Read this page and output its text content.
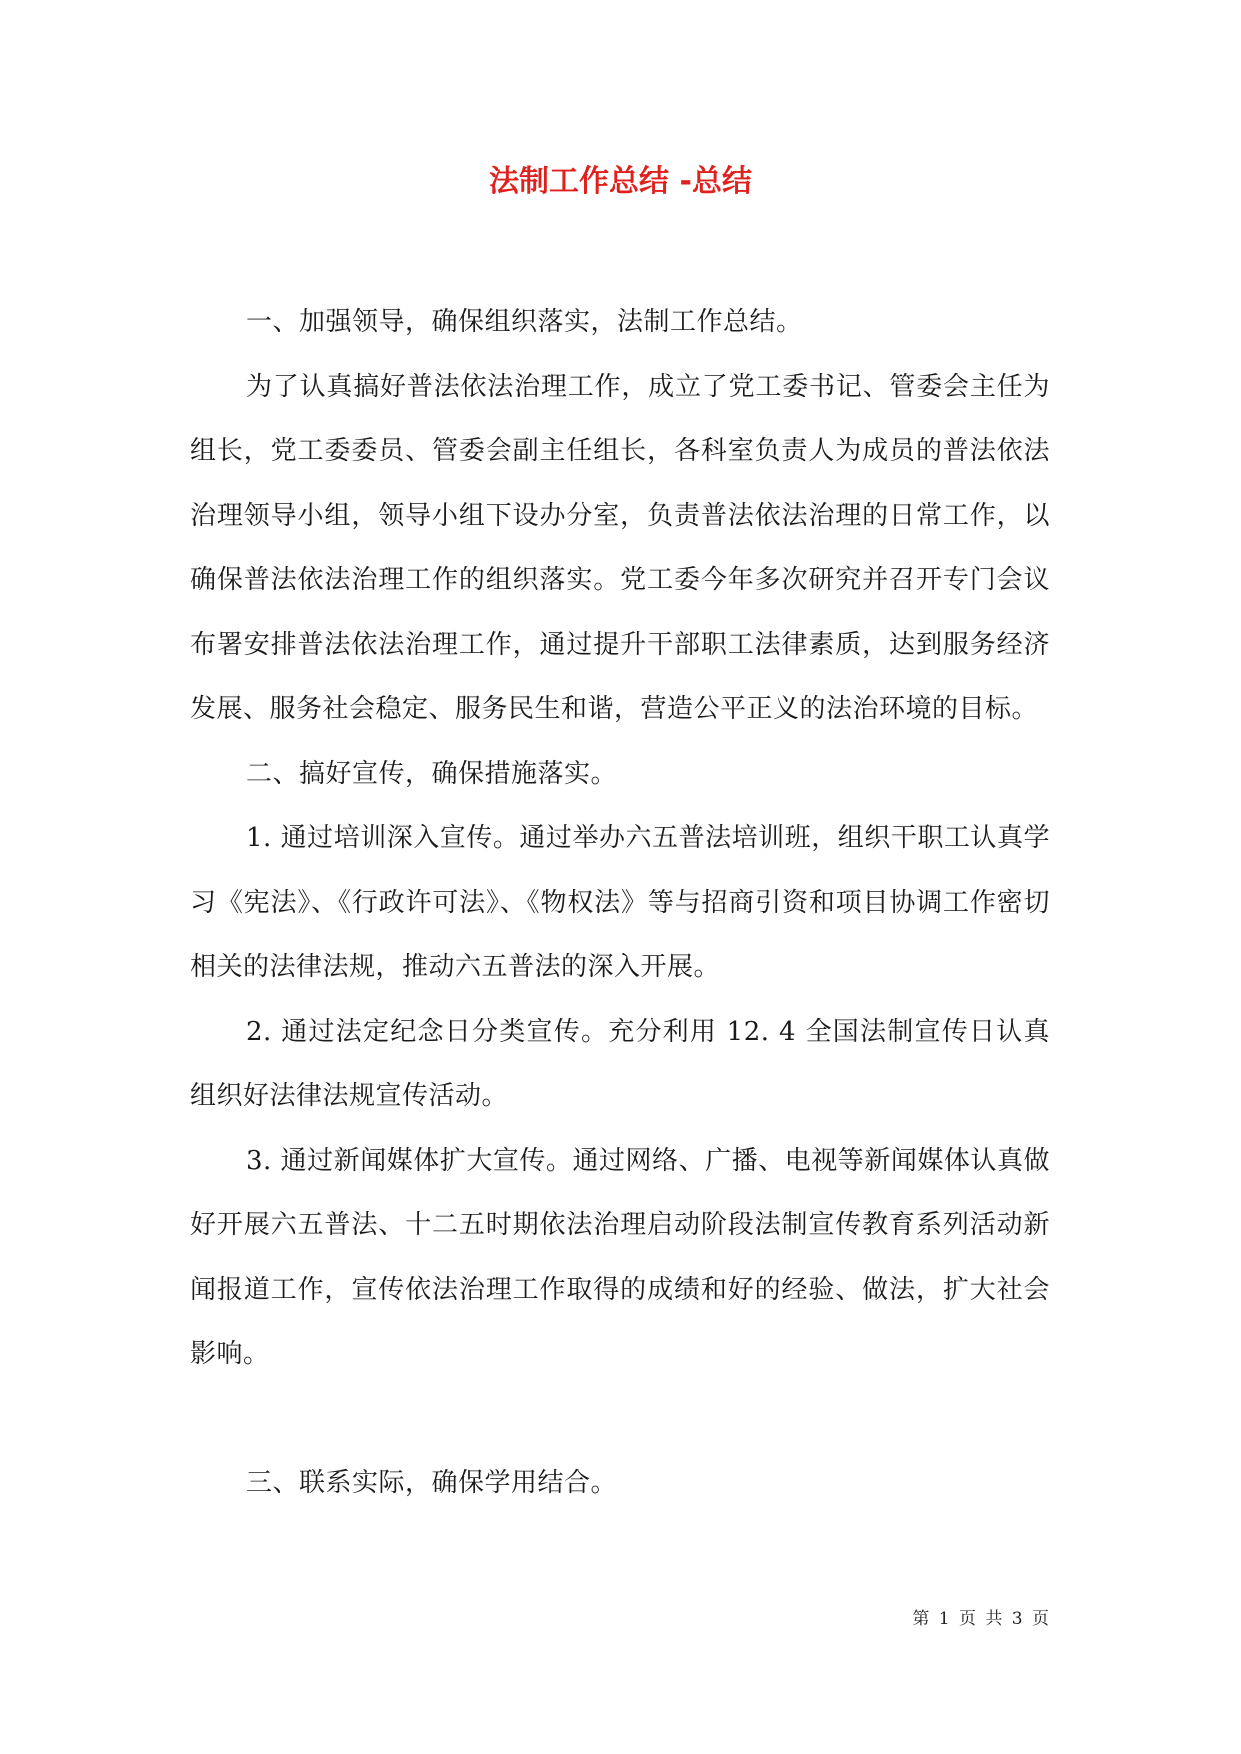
法制工作总结 -总结

一、加强领导，确保组织落实，法制工作总结。

为了认真搞好普法依法治理工作，成立了党工委书记、管委会主任为组长，党工委委员、管委会副主任组长，各科室负责人为成员的普法依法治理领导小组，领导小组下设办分室，负责普法依法治理的日常工作，以确保普法依法治理工作的组织落实。党工委今年多次研究并召开专门会议布署安排普法依法治理工作，通过提升干部职工法律素质，达到服务经济发展、服务社会稳定、服务民生和谐，营造公平正义的法治环境的目标。

二、搞好宣传，确保措施落实。

1. 通过培训深入宣传。通过举办六五普法培训班，组织干职工认真学习《宪法》、《行政许可法》、《物权法》等与招商引资和项目协调工作密切相关的法律法规，推动六五普法的深入开展。

2. 通过法定纪念日分类宣传。充分利用 12. 4 全国法制宣传日认真组织好法律法规宣传活动。

3. 通过新闻媒体扩大宣传。通过网络、广播、电视等新闻媒体认真做好开展六五普法、十二五时期依法治理启动阶段法制宣传教育系列活动新闻报道工作，宣传依法治理工作取得的成绩和好的经验、做法，扩大社会影响。

三、联系实际，确保学用结合。

第 1 页 共 3 页
